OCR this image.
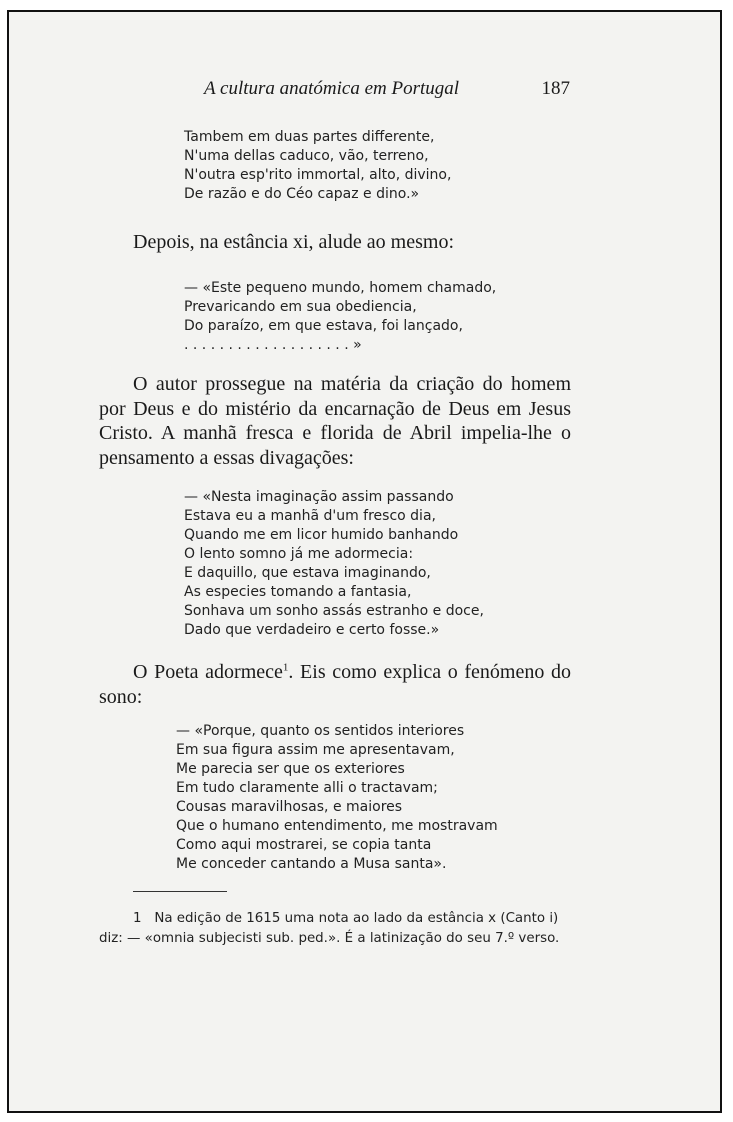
A cultura anatómica em Portugal	187
Tambem em duas partes differente,
N'uma dellas caduco, vão, terreno,
N'outra esp'rito immortal, alto, divino,
De razão e do Céo capaz e dino.»

Depois, na estância xi, alude ao mesmo:

— «Este pequeno mundo, homem chamado,
Prevaricando em sua obediencia,
Do paraízo, em que estava, foi lançado,
. . . . . . . . . . . . . . . . . . . »

O autor prossegue na matéria da criação do homem

por Deus e do mistério da encarnação de Deus em Jesus

Cristo. A manhã fresca e florida de Abril impelia-lhe o

pensamento a essas divagações:

— «Nesta imaginação assim passando
Estava eu a manhã d'um fresco dia,
Quando me em licor humido banhando
O lento somno já me adormecia:
E daquillo, que estava imaginando,
As especies tomando a fantasia,
Sonhava um sonho assás estranho e doce,
Dado que verdadeiro e certo fosse.»

O Poeta adormece$^1$. Eis como explica o fenómeno do

sono:

— «Porque, quanto os sentidos interiores
Em sua figura assim me apresentavam,
Me parecia ser que os exteriores
Em tudo claramente alli o tractavam;
Cousas maravilhosas, e maiores
Que o humano entendimento, me mostravam
Como aqui mostrarei, se copia tanta
Me conceder cantando a Musa santa».
1 Na edição de 1615 uma nota ao lado da estância x (Canto i)
diz: — «omnia subjecisti sub. ped.». É a latinização do seu 7.º verso.
